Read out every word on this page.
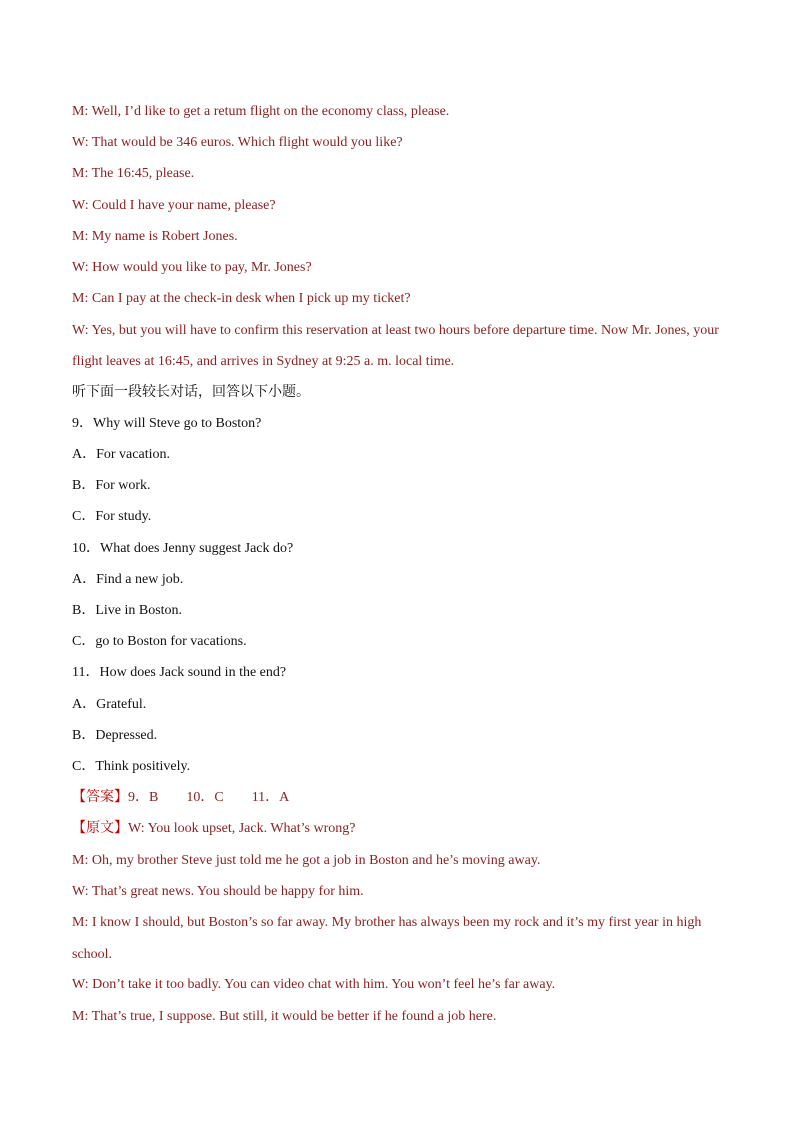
M: Well, I’d like to get a retum flight on the economy class, please.
W: That would be 346 euros. Which flight would you like?
M: The 16:45, please.
W: Could I have your name, please?
M: My name is Robert Jones.
W: How would you like to pay, Mr. Jones?
M: Can I pay at the check-in desk when I pick up my ticket?
W: Yes, but you will have to confirm this reservation at least two hours before departure time. Now Mr. Jones, your flight leaves at 16:45, and arrives in Sydney at 9:25 a. m. local time.
听下面一段较长对话，回答以下小题。
9．Why will Steve go to Boston?
A．For vacation.
B．For work.
C．For study.
10．What does Jenny suggest Jack do?
A．Find a new job.
B．Live in Boston.
C．go to Boston for vacations.
11．How does Jack sound in the end?
A．Grateful.
B．Depressed.
C．Think positively.
【答案】9．B 10．C 11．A
【原文】W: You look upset, Jack. What’s wrong?
M: Oh, my brother Steve just told me he got a job in Boston and he’s moving away.
W: That’s great news. You should be happy for him.
M: I know I should, but Boston’s so far away. My brother has always been my rock and it’s my first year in high school.
W: Don’t take it too badly. You can video chat with him. You won’t feel he’s far away.
M: That’s true, I suppose. But still, it would be better if he found a job here.
